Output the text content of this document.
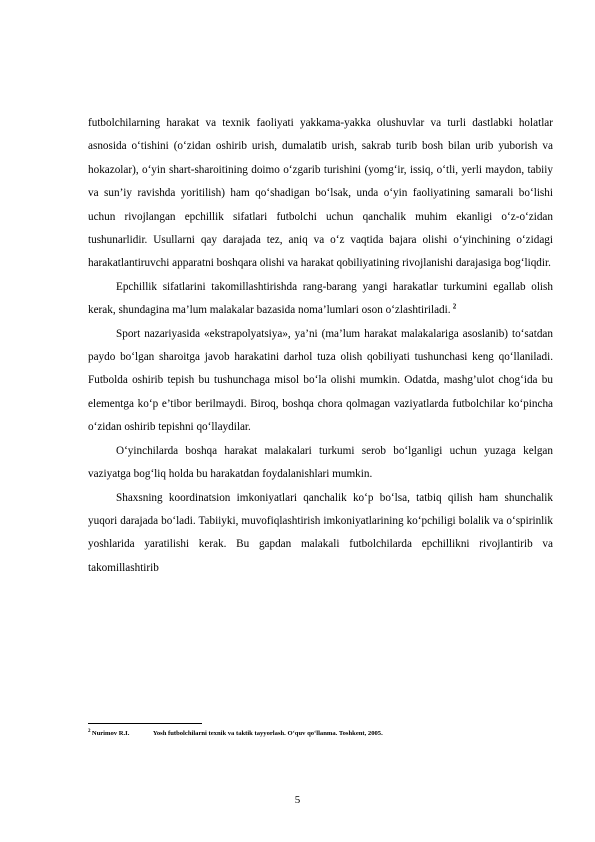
futbolchilarning harakat va texnik faoliyati yakkama-yakka olushuvlar va turli dastlabki holatlar asnosida o‘tishini (o‘zidan oshirib urish, dumalatib urish, sakrab turib bosh bilan urib yuborish va hokazolar), o‘yin shart-sharoitining doimo o‘zgarib turishini (yomg‘ir, issiq, o‘tli, yerli maydon, tabiiy va sun’iy ravishda yoritilish) ham qo‘shadigan bo‘lsak, unda o‘yin faoliyatining samarali bo‘lishi uchun rivojlangan epchillik sifatlari futbolchi uchun qanchalik muhim ekanligi o‘z-o‘zidan tushunarlidir. Usullarni qay darajada tez, aniq va o‘z vaqtida bajara olishi o‘yinchining o‘zidagi harakatlantiruvchi apparatni boshqara olishi va harakat qobiliyatining rivojlanishi darajasiga bog‘liqdir.

Epchillik sifatlarini takomillashtirishda rang-barang yangi harakatlar turkumini egallab olish kerak, shundagina ma’lum malakalar bazasida noma’lumlari oson o‘zlashtiriladi.  $^2$

Sport nazariyasida «ekstrapolyatsiya», ya’ni (ma’lum harakat malakalariga asoslanib) to‘satdan paydo bo‘lgan sharoitga javob harakatini darhol tuza olish qobiliyati tushunchasi keng qo‘llaniladi. Futbolda oshirib tepish bu tushunchaga misol bo‘la olishi mumkin. Odatda, mashg’ulot chog‘ida bu elementga ko‘p e’tibor berilmaydi. Biroq, boshqa chora qolmagan vaziyatlarda futbolchilar ko‘pincha o‘zidan oshirib tepishni qo‘llaydilar.

O‘yinchilarda boshqa harakat malakalari turkumi serob bo‘lganligi uchun yuzaga kelgan vaziyatga bog‘liq holda bu harakatdan foydalanishlari mumkin.

Shaxsning koordinatsion imkoniyatlari qanchalik ko‘p bo‘lsa, tatbiq qilish ham shunchalik yuqori darajada bo‘ladi. Tabiiyki, muvofiqlashtirish imkoniyatlarining ko‘pchiligi bolalik va o‘spirinlik yoshlarida yaratilishi kerak. Bu gapdan malakali futbolchilarda epchillikni rivojlantirib va takomillashtirib

$^2$ Nurimov R.I.	Yosh futbolchilarni texnik va taktik tayyorlash. O‘quv qo‘llanma. Toshkent, 2005.
5
